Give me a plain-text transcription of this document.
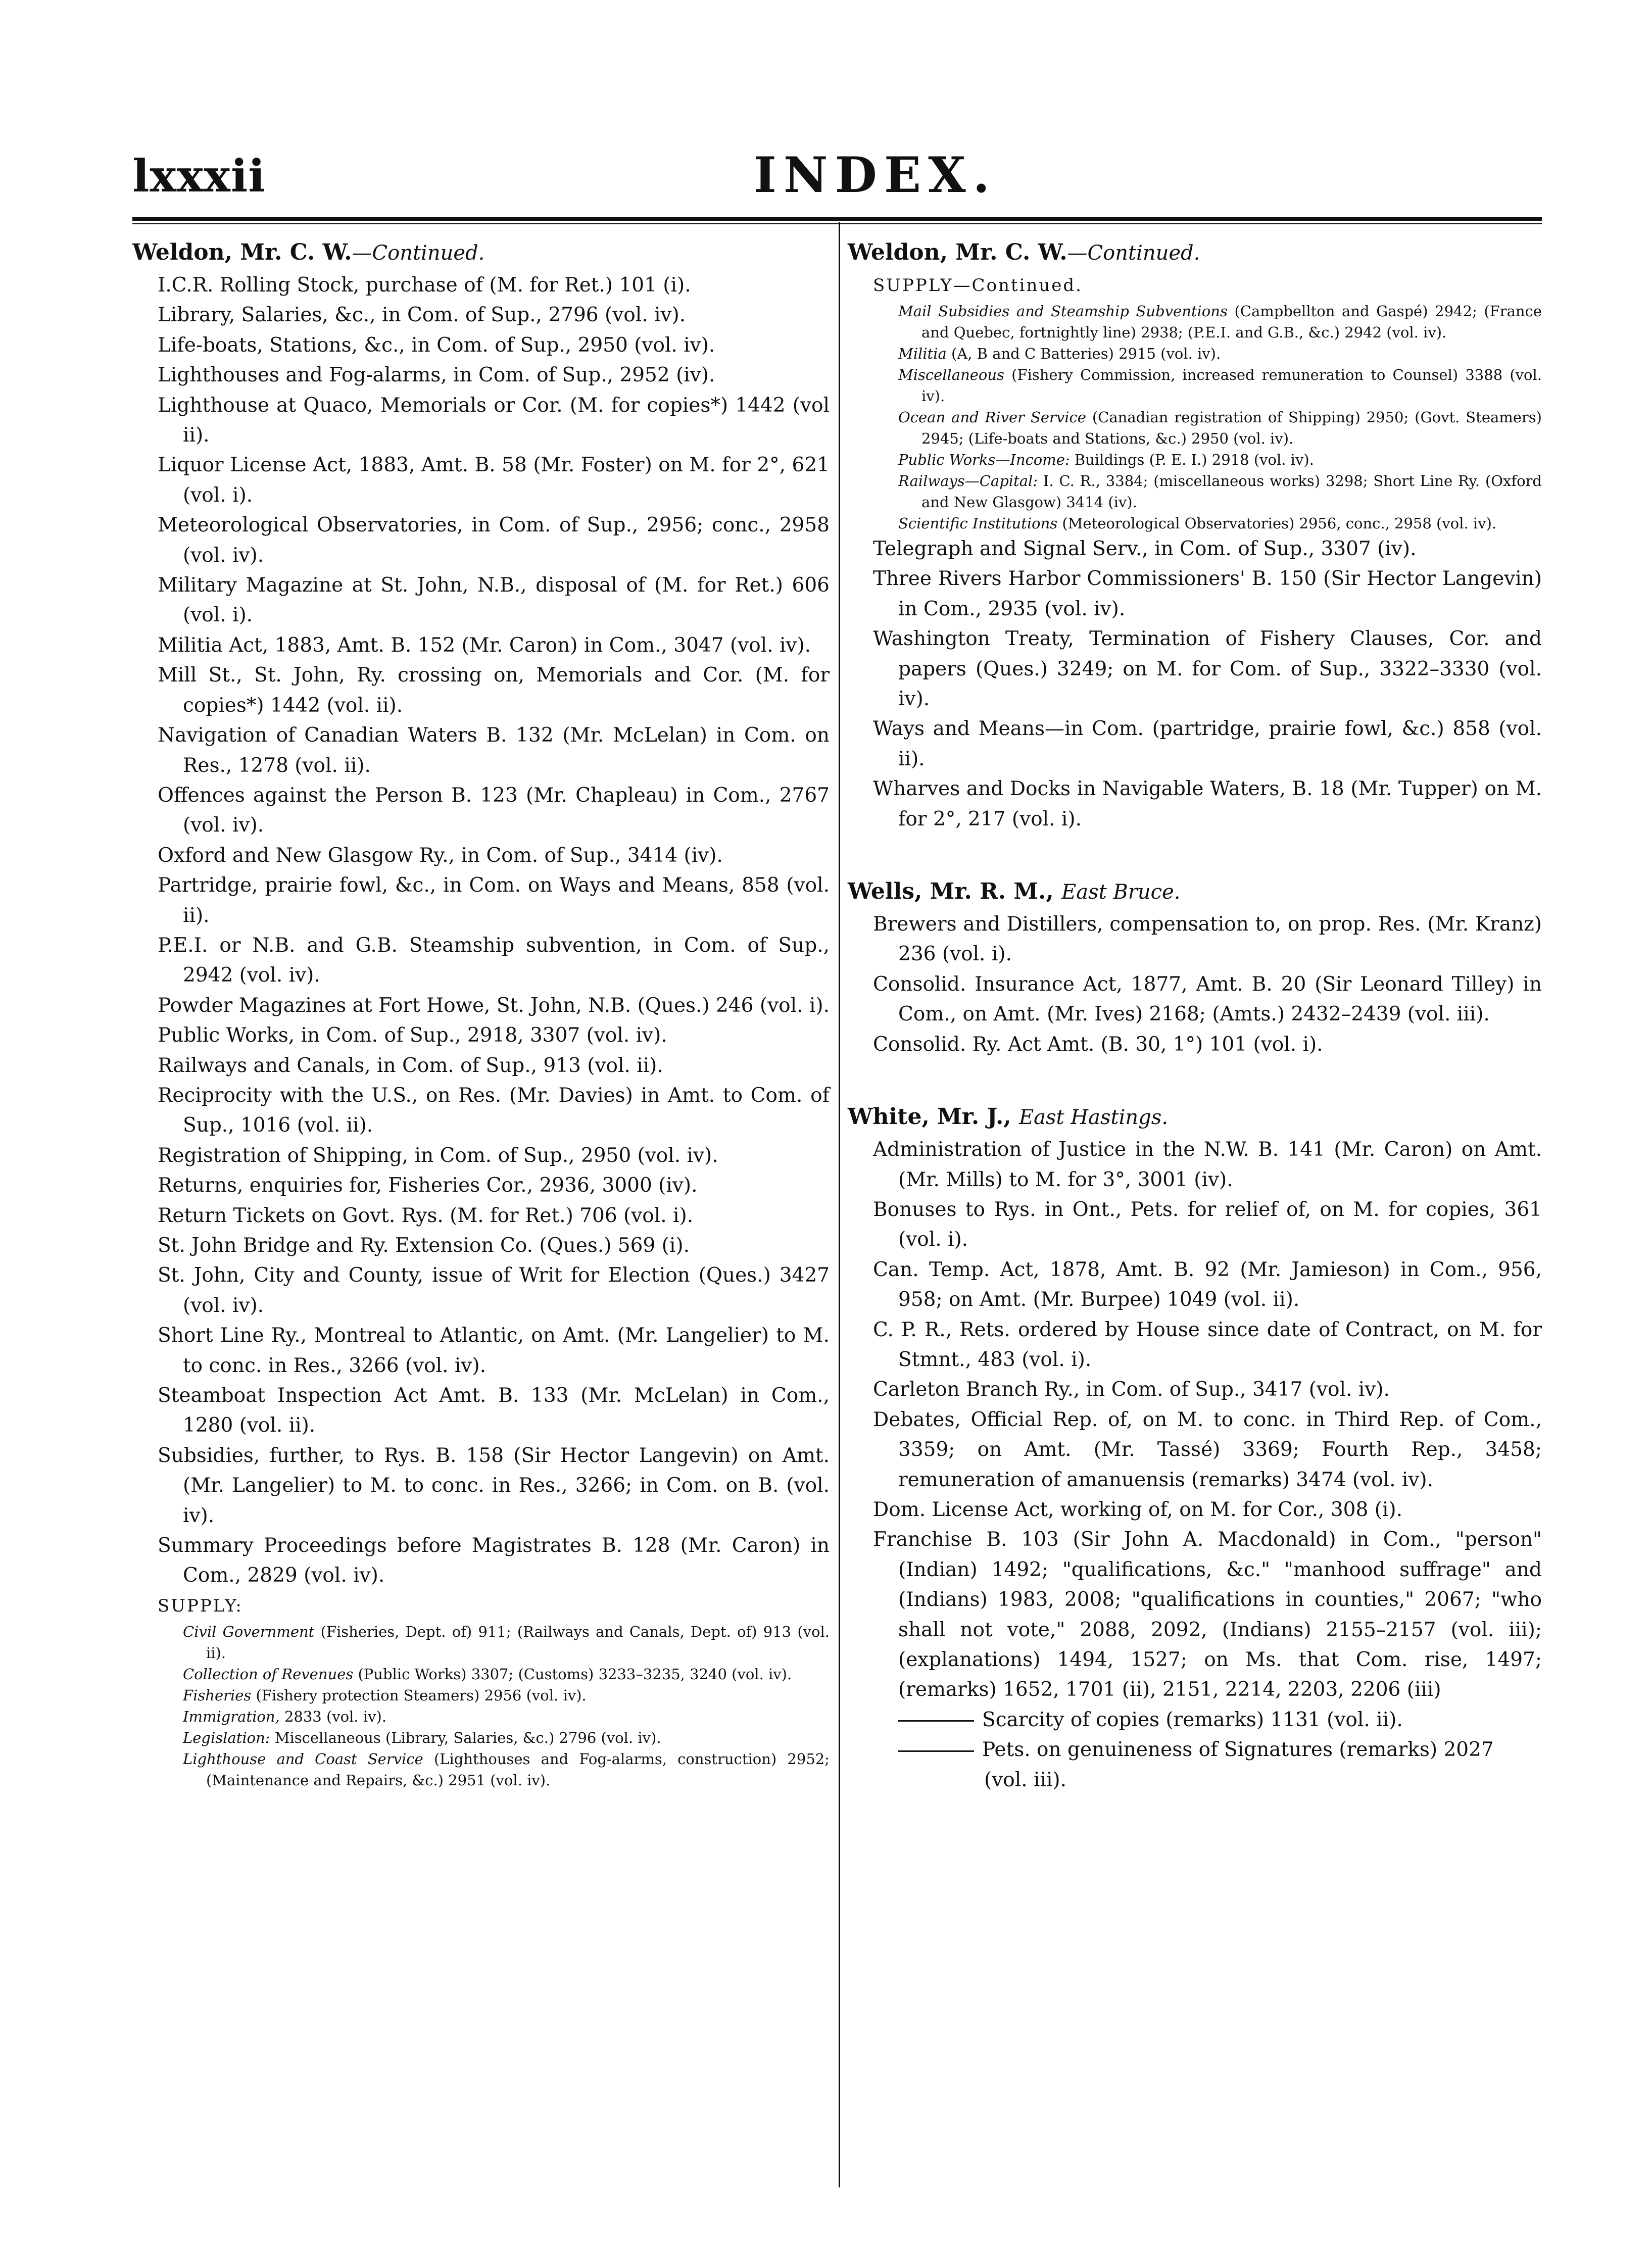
lxxxii	INDEX.
Weldon, Mr. C. W.—Continued.
I.C.R. Rolling Stock, purchase of (M. for Ret.) 101 (i).
Library, Salaries, &c., in Com. of Sup., 2796 (vol. iv).
Life-boats, Stations, &c., in Com. of Sup., 2950 (vol. iv).
Lighthouses and Fog-alarms, in Com. of Sup., 2952 (iv).
Lighthouse at Quaco, Memorials or Cor. (M. for copies*) 1442 (vol ii).
Liquor License Act, 1883, Amt. B. 58 (Mr. Foster) on M. for 2°, 621 (vol. i).
Meteorological Observatories, in Com. of Sup., 2956; conc., 2958 (vol. iv).
Military Magazine at St. John, N.B., disposal of (M. for Ret.) 606 (vol. i).
Militia Act, 1883, Amt. B. 152 (Mr. Caron) in Com., 3047 (vol. iv).
Mill St., St. John, Ry. crossing on, Memorials and Cor. (M. for copies*) 1442 (vol. ii).
Navigation of Canadian Waters B. 132 (Mr. McLelan) in Com. on Res., 1278 (vol. ii).
Offences against the Person B. 123 (Mr. Chapleau) in Com., 2767 (vol. iv).
Oxford and New Glasgow Ry., in Com. of Sup., 3414 (iv).
Partridge, prairie fowl, &c., in Com. on Ways and Means, 858 (vol. ii).
P.E.I. or N.B. and G.B. Steamship subvention, in Com. of Sup., 2942 (vol. iv).
Powder Magazines at Fort Howe, St. John, N.B. (Ques.) 246 (vol. i).
Public Works, in Com. of Sup., 2918, 3307 (vol. iv).
Railways and Canals, in Com. of Sup., 913 (vol. ii).
Reciprocity with the U.S., on Res. (Mr. Davies) in Amt. to Com. of Sup., 1016 (vol. ii).
Registration of Shipping, in Com. of Sup., 2950 (vol. iv).
Returns, enquiries for, Fisheries Cor., 2936, 3000 (iv).
Return Tickets on Govt. Rys. (M. for Ret.) 706 (vol. i).
St. John Bridge and Ry. Extension Co. (Ques.) 569 (i).
St. John, City and County, issue of Writ for Election (Ques.) 3427 (vol. iv).
Short Line Ry., Montreal to Atlantic, on Amt. (Mr. Langelier) to M. to conc. in Res., 3266 (vol. iv).
Steamboat Inspection Act Amt. B. 133 (Mr. McLelan) in Com., 1280 (vol. ii).
Subsidies, further, to Rys. B. 158 (Sir Hector Langevin) on Amt. (Mr. Langelier) to M. to conc. in Res., 3266; in Com. on B. (vol. iv).
Summary Proceedings before Magistrates B. 128 (Mr. Caron) in Com., 2829 (vol. iv).
SUPPLY:
Civil Government (Fisheries, Dept. of) 911; (Railways and Canals, Dept. of) 913 (vol. ii).
Collection of Revenues (Public Works) 3307; (Customs) 3233–3235, 3240 (vol. iv).
Fisheries (Fishery protection Steamers) 2956 (vol. iv).
Immigration, 2833 (vol. iv).
Legislation: Miscellaneous (Library, Salaries, &c.) 2796 (vol. iv).
Lighthouse and Coast Service (Lighthouses and Fog-alarms, construction) 2952; (Maintenance and Repairs, &c.) 2951 (vol. iv).
Weldon, Mr. C. W.—Continued.
SUPPLY—Continued.
Mail Subsidies and Steamship Subventions (Campbellton and Gaspé) 2942; (France and Quebec, fortnightly line) 2938; (P.E.I. and G.B., &c.) 2942 (vol. iv).
Militia (A, B and C Batteries) 2915 (vol. iv).
Miscellaneous (Fishery Commission, increased remuneration to Counsel) 3388 (vol. iv).
Ocean and River Service (Canadian registration of Shipping) 2950; (Govt. Steamers) 2945; (Life-boats and Stations, &c.) 2950 (vol. iv).
Public Works—Income: Buildings (P. E. I.) 2918 (vol. iv).
Railways—Capital: I. C. R., 3384; (miscellaneous works) 3298; Short Line Ry. (Oxford and New Glasgow) 3414 (iv).
Scientific Institutions (Meteorological Observatories) 2956, conc., 2958 (vol. iv).
Telegraph and Signal Serv., in Com. of Sup., 3307 (iv).
Three Rivers Harbor Commissioners' B. 150 (Sir Hector Langevin) in Com., 2935 (vol. iv).
Washington Treaty, Termination of Fishery Clauses, Cor. and papers (Ques.) 3249; on M. for Com. of Sup., 3322–3330 (vol. iv).
Ways and Means—in Com. (partridge, prairie fowl, &c.) 858 (vol. ii).
Wharves and Docks in Navigable Waters, B. 18 (Mr. Tupper) on M. for 2°, 217 (vol. i).
Wells, Mr. R. M., East Bruce.
Brewers and Distillers, compensation to, on prop. Res. (Mr. Kranz) 236 (vol. i).
Consolid. Insurance Act, 1877, Amt. B. 20 (Sir Leonard Tilley) in Com., on Amt. (Mr. Ives) 2168; (Amts.) 2432–2439 (vol. iii).
Consolid. Ry. Act Amt. (B. 30, 1°) 101 (vol. i).
White, Mr. J., East Hastings.
Administration of Justice in the N.W. B. 141 (Mr. Caron) on Amt. (Mr. Mills) to M. for 3°, 3001 (iv).
Bonuses to Rys. in Ont., Pets. for relief of, on M. for copies, 361 (vol. i).
Can. Temp. Act, 1878, Amt. B. 92 (Mr. Jamieson) in Com., 956, 958; on Amt. (Mr. Burpee) 1049 (vol. ii).
C. P. R., Rets. ordered by House since date of Contract, on M. for Stmnt., 483 (vol. i).
Carleton Branch Ry., in Com. of Sup., 3417 (vol. iv).
Debates, Official Rep. of, on M. to conc. in Third Rep. of Com., 3359; on Amt. (Mr. Tassé) 3369; Fourth Rep., 3458; remuneration of amanuensis (remarks) 3474 (vol. iv).
Dom. License Act, working of, on M. for Cor., 308 (i).
Franchise B. 103 (Sir John A. Macdonald) in Com., "person" (Indian) 1492; "qualifications, &c." "manhood suffrage" and (Indians) 1983, 2008; "qualifications in counties," 2067; "who shall not vote," 2088, 2092, (Indians) 2155–2157 (vol. iii); (explanations) 1494, 1527; on Ms. that Com. rise, 1497; (remarks) 1652, 1701 (ii), 2151, 2214, 2203, 2206 (iii)
Scarcity of copies (remarks) 1131 (vol. ii).
Pets. on genuineness of Signatures (remarks) 2027 (vol. iii).
